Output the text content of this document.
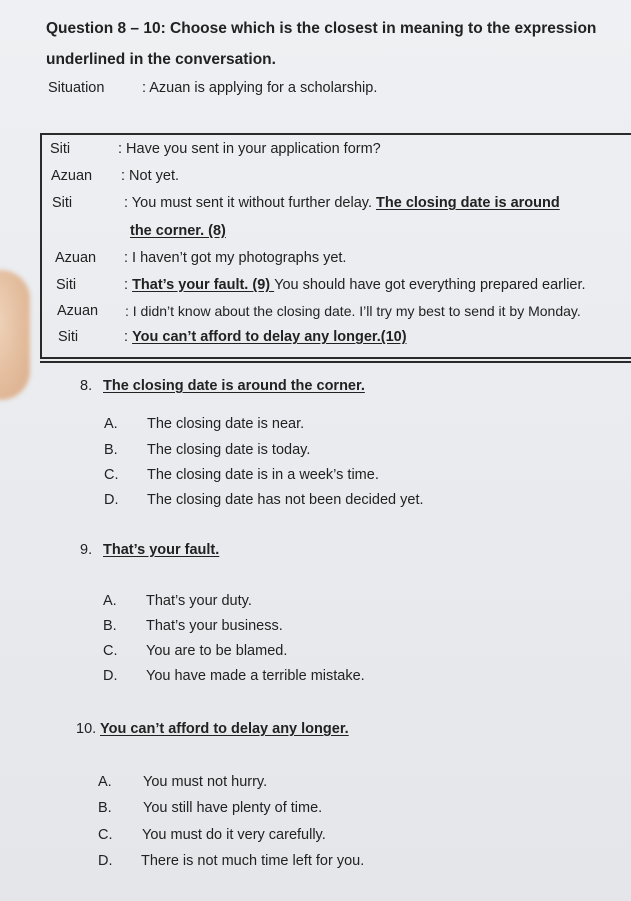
Question 8 – 10: Choose which is the closest in meaning to the expression
underlined in the conversation.
Situation	: Azuan is applying for a scholarship.
Siti	: Have you sent in your application form?
Azuan : Not yet.
Siti	: You must sent it without further delay. The closing date is around
the corner. (8)
Azuan : I haven’t got my photographs yet.
Siti	: That’s your fault. (9) You should have got everything prepared earlier.
Azuan : I didn’t know about the closing date. I’ll try my best to send it by Monday.
Siti	: You can’t afford to delay any longer.(10)
8. The closing date is around the corner.
A. The closing date is near.
B. The closing date is today.
C. The closing date is in a week’s time.
D. The closing date has not been decided yet.
9. That’s your fault.
A. That’s your duty.
B. That’s your business.
C. You are to be blamed.
D. You have made a terrible mistake.
10. You can’t afford to delay any longer.
A. You must not hurry.
B. You still have plenty of time.
C. You must do it very carefully.
D. There is not much time left for you.
